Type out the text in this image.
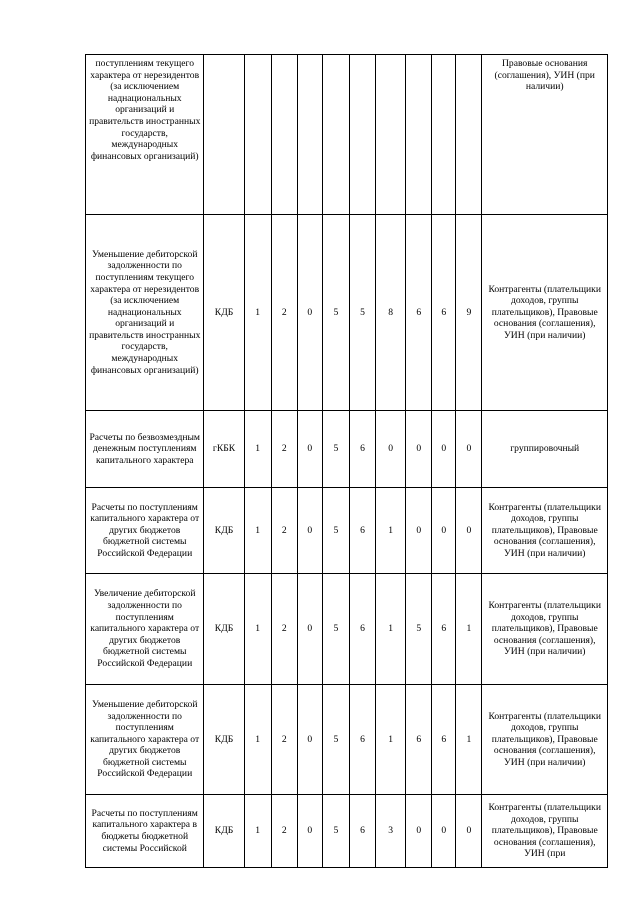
поступлениям текущего характера от нерезидентов (за исключением наднациональных организаций и правительств иностранных государств, международных финансовых организаций)											Правовые основания (соглашения), УИН (при наличии)
Уменьшение дебиторской задолженности по поступлениям текущего характера от нерезидентов (за исключением наднациональных организаций и правительств иностранных государств, международных финансовых организаций)	КДБ	1	2	0	5	5	8	6	6	9	Контрагенты (плательщики доходов, группы плательщиков), Правовые основания (соглашения), УИН (при наличии)
Расчеты по безвозмездным денежным поступлениям капитального характера	гКБК	1	2	0	5	6	0	0	0	0	группировочный
Расчеты по поступлениям капитального характера от других бюджетов бюджетной системы Российской Федерации	КДБ	1	2	0	5	6	1	0	0	0	Контрагенты (плательщики доходов, группы плательщиков), Правовые основания (соглашения), УИН (при наличии)
Увеличение дебиторской задолженности по поступлениям капитального характера от других бюджетов бюджетной системы Российской Федерации	КДБ	1	2	0	5	6	1	5	6	1	Контрагенты (плательщики доходов, группы плательщиков), Правовые основания (соглашения), УИН (при наличии)
Уменьшение дебиторской задолженности по поступлениям капитального характера от других бюджетов бюджетной системы Российской Федерации	КДБ	1	2	0	5	6	1	6	6	1	Контрагенты (плательщики доходов, группы плательщиков), Правовые основания (соглашения), УИН (при наличии)
Расчеты по поступлениям капитального характера в бюджеты бюджетной системы Российской	КДБ	1	2	0	5	6	3	0	0	0	Контрагенты (плательщики доходов, группы плательщиков), Правовые основания (соглашения), УИН (при
